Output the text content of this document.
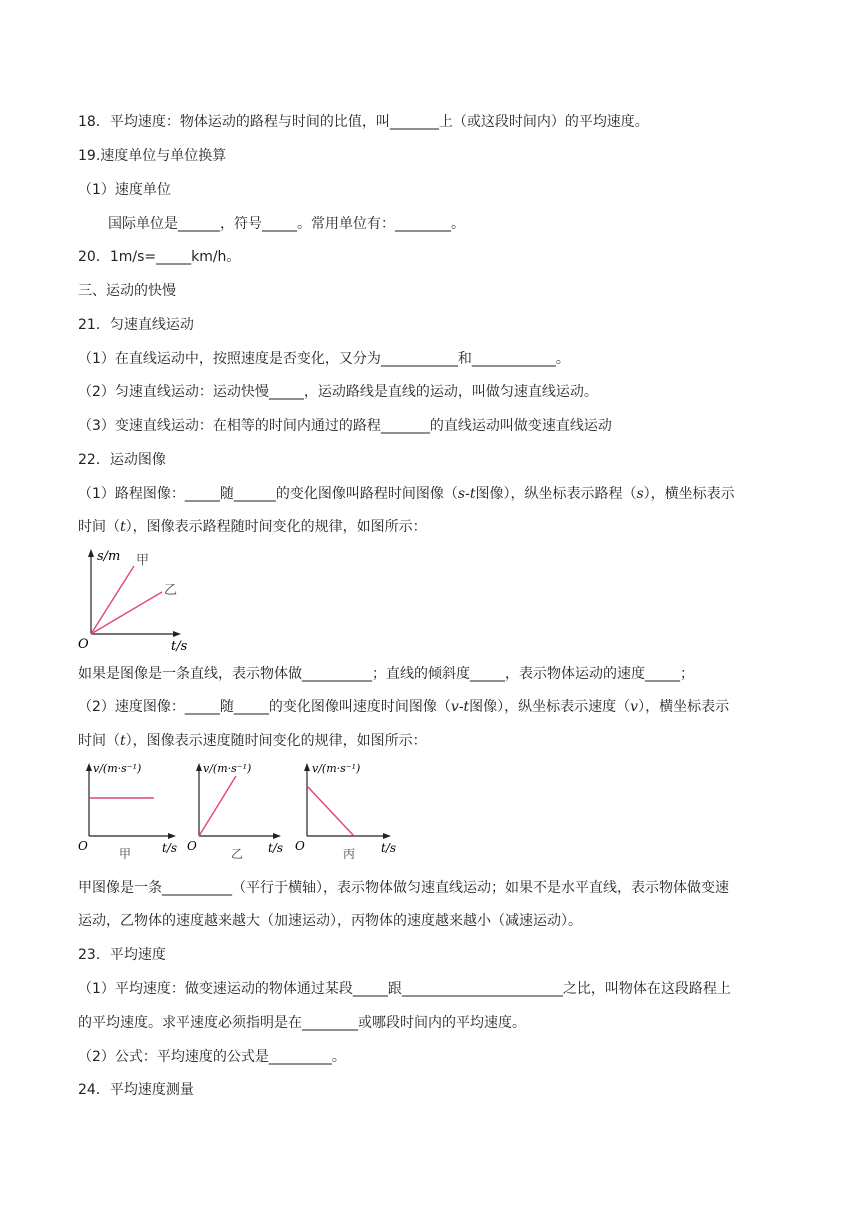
18．平均速度：物体运动的路程与时间的比值，叫_______上（或这段时间内）的平均速度。
19.速度单位与单位换算
（1）速度单位
国际单位是______，符号_____。常用单位有：________。
20．1m/s=_____km/h。
三、运动的快慢
21．匀速直线运动
（1）在直线运动中，按照速度是否变化，又分为___________和____________。
（2）匀速直线运动：运动快慢_____，运动路线是直线的运动，叫做匀速直线运动。
（3）变速直线运动：在相等的时间内通过的路程_______的直线运动叫做变速直线运动
22．运动图像
（1）路程图像：_____随______的变化图像叫路程时间图像（s-t图像），纵坐标表示路程（s），横坐标表示
时间（t），图像表示路程随时间变化的规律，如图所示：
s/m
t/s
O
甲
乙
如果是图像是一条直线，表示物体做__________；直线的倾斜度_____，表示物体运动的速度_____；
（2）速度图像：_____随_____的变化图像叫速度时间图像（v-t图像），纵坐标表示速度（v），横坐标表示
时间（t），图像表示速度随时间变化的规律，如图所示：
v/(m·s⁻¹)
t/s
O
甲
v/(m·s⁻¹)
t/s
O
乙
v/(m·s⁻¹)
t/s
O
丙
甲图像是一条__________（平行于横轴），表示物体做匀速直线运动；如果不是水平直线，表示物体做变速
运动，乙物体的速度越来越大（加速运动），丙物体的速度越来越小（减速运动）。
23．平均速度
（1）平均速度：做变速运动的物体通过某段_____跟_______________________之比，叫物体在这段路程上
的平均速度。求平速度必须指明是在________或哪段时间内的平均速度。
（2）公式：平均速度的公式是_________。
24．平均速度测量
